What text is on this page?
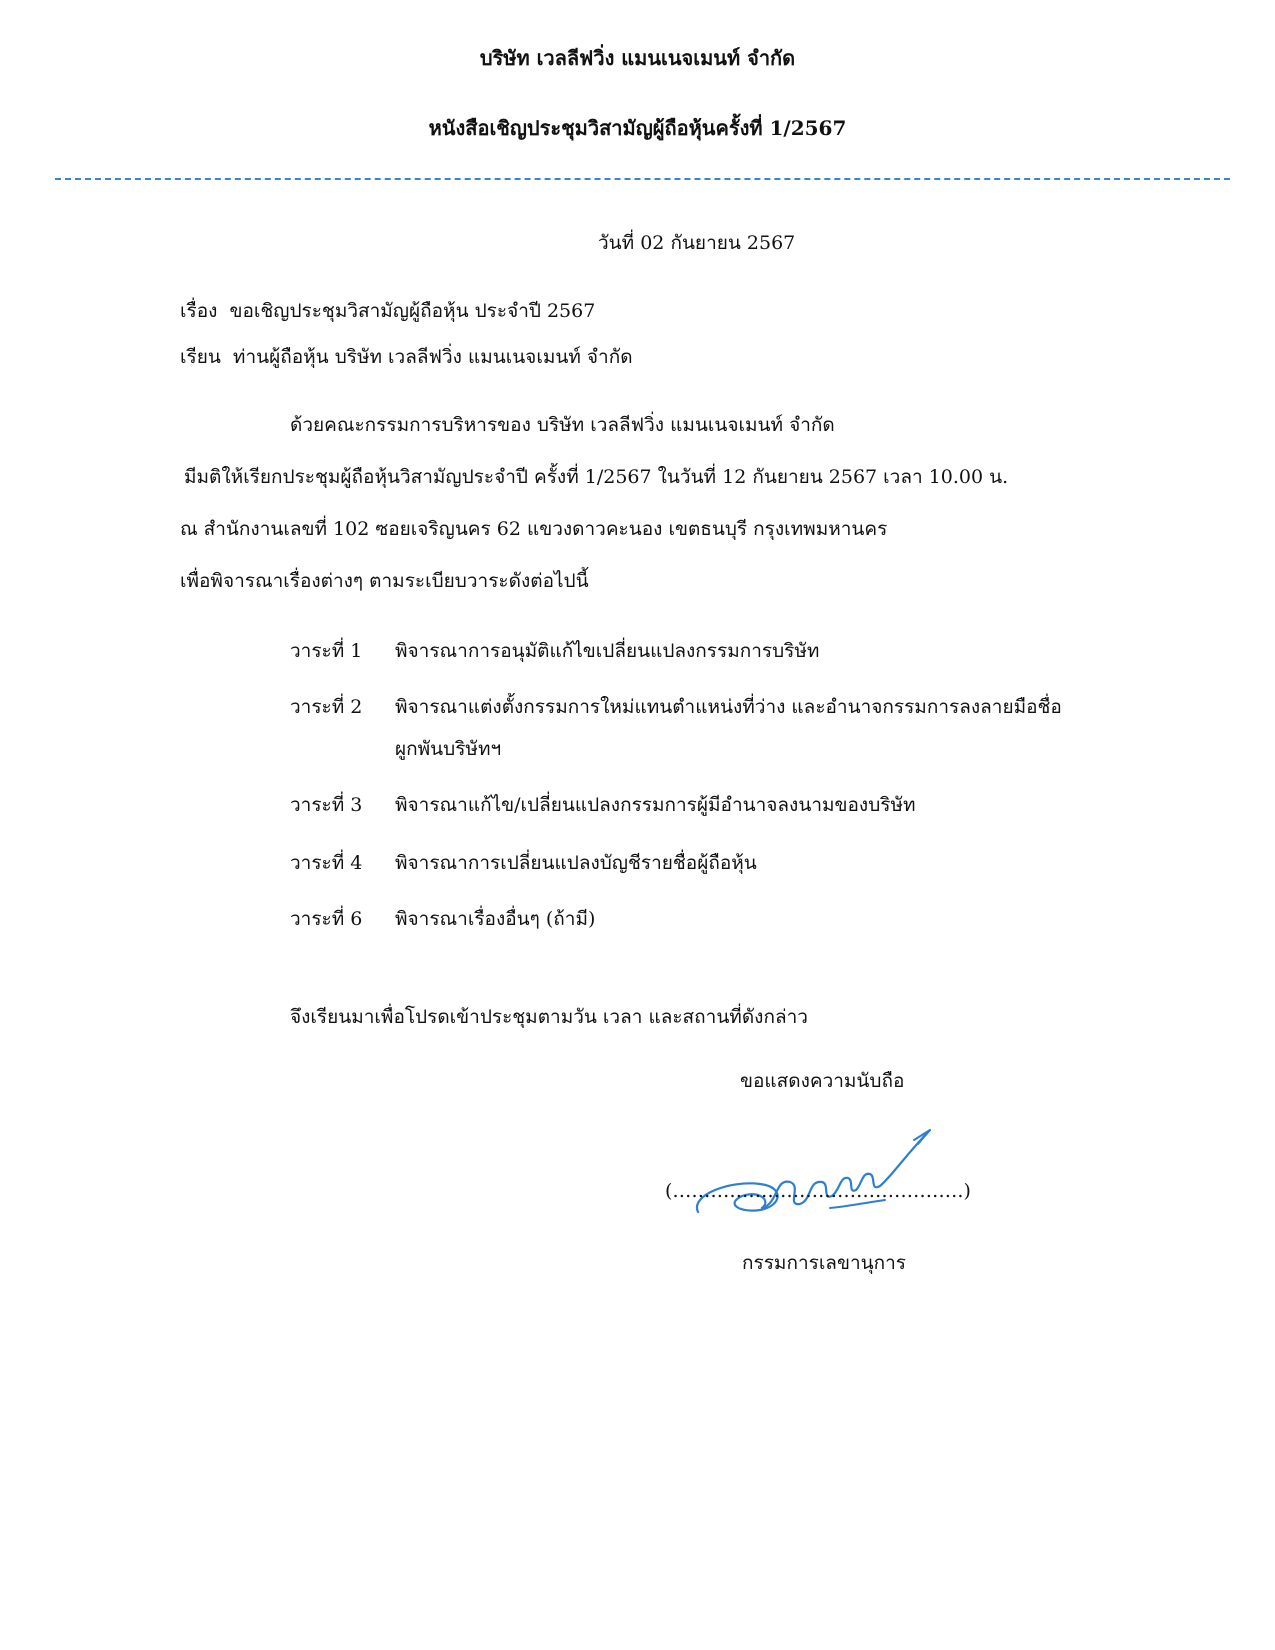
บริษัท เวลลีฟวิ่ง แมนเนจเมนท์ จำกัด
หนังสือเชิญประชุมวิสามัญผู้ถือหุ้นครั้งที่ 1/2567
วันที่ 02 กันยายน 2567
เรื่อง ขอเชิญประชุมวิสามัญผู้ถือหุ้น ประจำปี 2567
เรียน ท่านผู้ถือหุ้น บริษัท เวลลีฟวิ่ง แมนเนจเมนท์ จำกัด
ด้วยคณะกรรมการบริหารของ บริษัท เวลลีฟวิ่ง แมนเนจเมนท์ จำกัด
มีมติให้เรียกประชุมผู้ถือหุ้นวิสามัญประจำปี ครั้งที่ 1/2567 ในวันที่ 12 กันยายน 2567 เวลา 10.00 น.
ณ สำนักงานเลขที่ 102 ซอยเจริญนคร 62 แขวงดาวคะนอง เขตธนบุรี กรุงเทพมหานคร
เพื่อพิจารณาเรื่องต่างๆ ตามระเบียบวาระดังต่อไปนี้
วาระที่ 1 พิจารณาการอนุมัติแก้ไขเปลี่ยนแปลงกรรมการบริษัท
วาระที่ 2 พิจารณาแต่งตั้งกรรมการใหม่แทนตำแหน่งที่ว่าง และอำนาจกรรมการลงลายมือชื่อ
ผูกพันบริษัทฯ
วาระที่ 3 พิจารณาแก้ไข/เปลี่ยนแปลงกรรมการผู้มีอำนาจลงนามของบริษัท
วาระที่ 4 พิจารณาการเปลี่ยนแปลงบัญชีรายชื่อผู้ถือหุ้น
วาระที่ 6 พิจารณาเรื่องอื่นๆ (ถ้ามี)
จึงเรียนมาเพื่อโปรดเข้าประชุมตามวัน เวลา และสถานที่ดังกล่าว
ขอแสดงความนับถือ
(……………………………………….)
กรรมการเลขานุการ
